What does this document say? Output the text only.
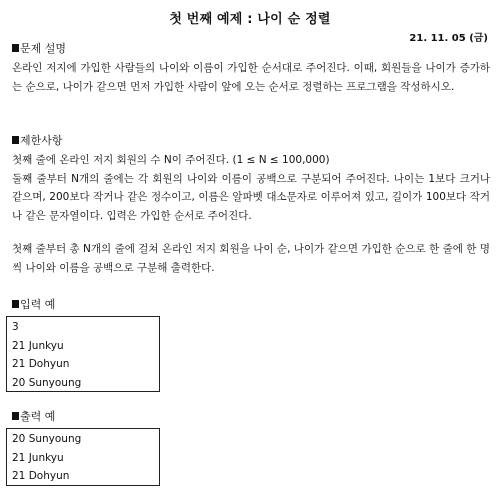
첫 번째 예제 : 나이 순 정렬
21. 11. 05 (금)
문제 설명
온라인 저지에 가입한 사람들의 나이와 이름이 가입한 순서대로 주어진다. 이때, 회원들을 나이가 증가하는 순으로, 나이가 같으면 먼저 가입한 사람이 앞에 오는 순서로 정렬하는 프로그램을 작성하시오.
제한사항
첫째 줄에 온라인 저지 회원의 수 N이 주어진다. (1 ≤ N ≤ 100,000)
둘째 줄부터 N개의 줄에는 각 회원의 나이와 이름이 공백으로 구분되어 주어진다. 나이는 1보다 크거나 같으며, 200보다 작거나 같은 정수이고, 이름은 알파벳 대소문자로 이루어져 있고, 길이가 100보다 작거나 같은 문자열이다. 입력은 가입한 순서로 주어진다.
첫째 줄부터 총 N개의 줄에 걸쳐 온라인 저지 회원을 나이 순, 나이가 같으면 가입한 순으로 한 줄에 한 명씩 나이와 이름을 공백으로 구분해 출력한다.
입력 예
3
21 Junkyu
21 Dohyun
20 Sunyoung
출력 예
20 Sunyoung
21 Junkyu
21 Dohyun
